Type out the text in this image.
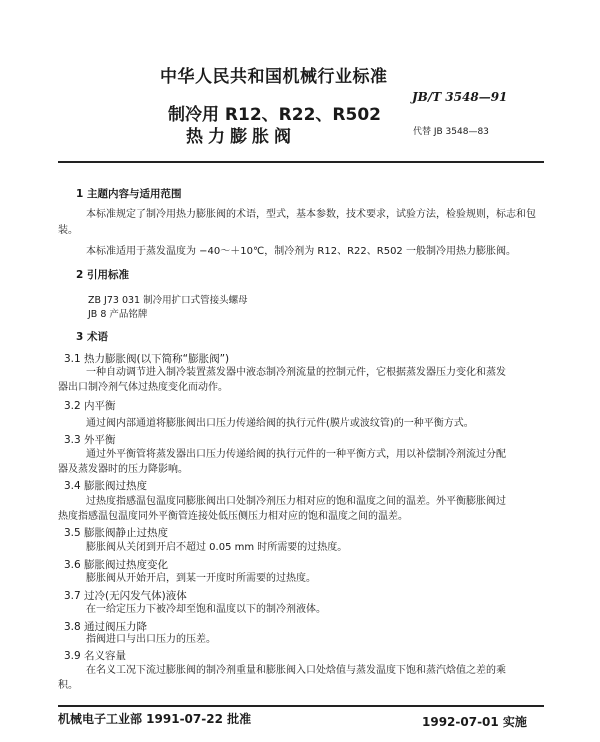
中华人民共和国机械行业标准
JB/T 3548—91
制冷用 R12、R22、R502
热力膨胀阀	代替 JB 3548—83
1 主题内容与适用范围
本标准规定了制冷用热力膨胀阀的术语，型式，基本参数，技术要求，试验方法，检验规则，标志和包
装。
本标准适用于蒸发温度为 −40～＋10℃，制冷剂为 R12、R22、R502 一般制冷用热力膨胀阀。
2 引用标准
ZB J73 031 制冷用扩口式管接头螺母
JB 8 产品铭牌
3 术语
3.1 热力膨胀阀(以下简称“膨胀阀”)
一种自动调节进入制冷装置蒸发器中液态制冷剂流量的控制元件，它根据蒸发器压力变化和蒸发
器出口制冷剂气体过热度变化而动作。
3.2 内平衡
通过阀内部通道将膨胀阀出口压力传递给阀的执行元件(膜片或波纹管)的一种平衡方式。
3.3 外平衡
通过外平衡管将蒸发器出口压力传递给阀的执行元件的一种平衡方式，用以补偿制冷剂流过分配
器及蒸发器时的压力降影响。
3.4 膨胀阀过热度
过热度指感温包温度同膨胀阀出口处制冷剂压力相对应的饱和温度之间的温差。外平衡膨胀阀过
热度指感温包温度同外平衡管连接处低压侧压力相对应的饱和温度之间的温差。
3.5 膨胀阀静止过热度
膨胀阀从关闭到开启不超过 0.05 mm 时所需要的过热度。
3.6 膨胀阀过热度变化
膨胀阀从开始开启，到某一开度时所需要的过热度。
3.7 过冷(无闪发气体)液体
在一给定压力下被冷却至饱和温度以下的制冷剂液体。
3.8 通过阀压力降
指阀进口与出口压力的压差。
3.9 名义容量
在名义工况下流过膨胀阀的制冷剂重量和膨胀阀入口处焓值与蒸发温度下饱和蒸汽焓值之差的乘
积。
机械电子工业部 1991-07-22 批准	1992-07-01 实施
